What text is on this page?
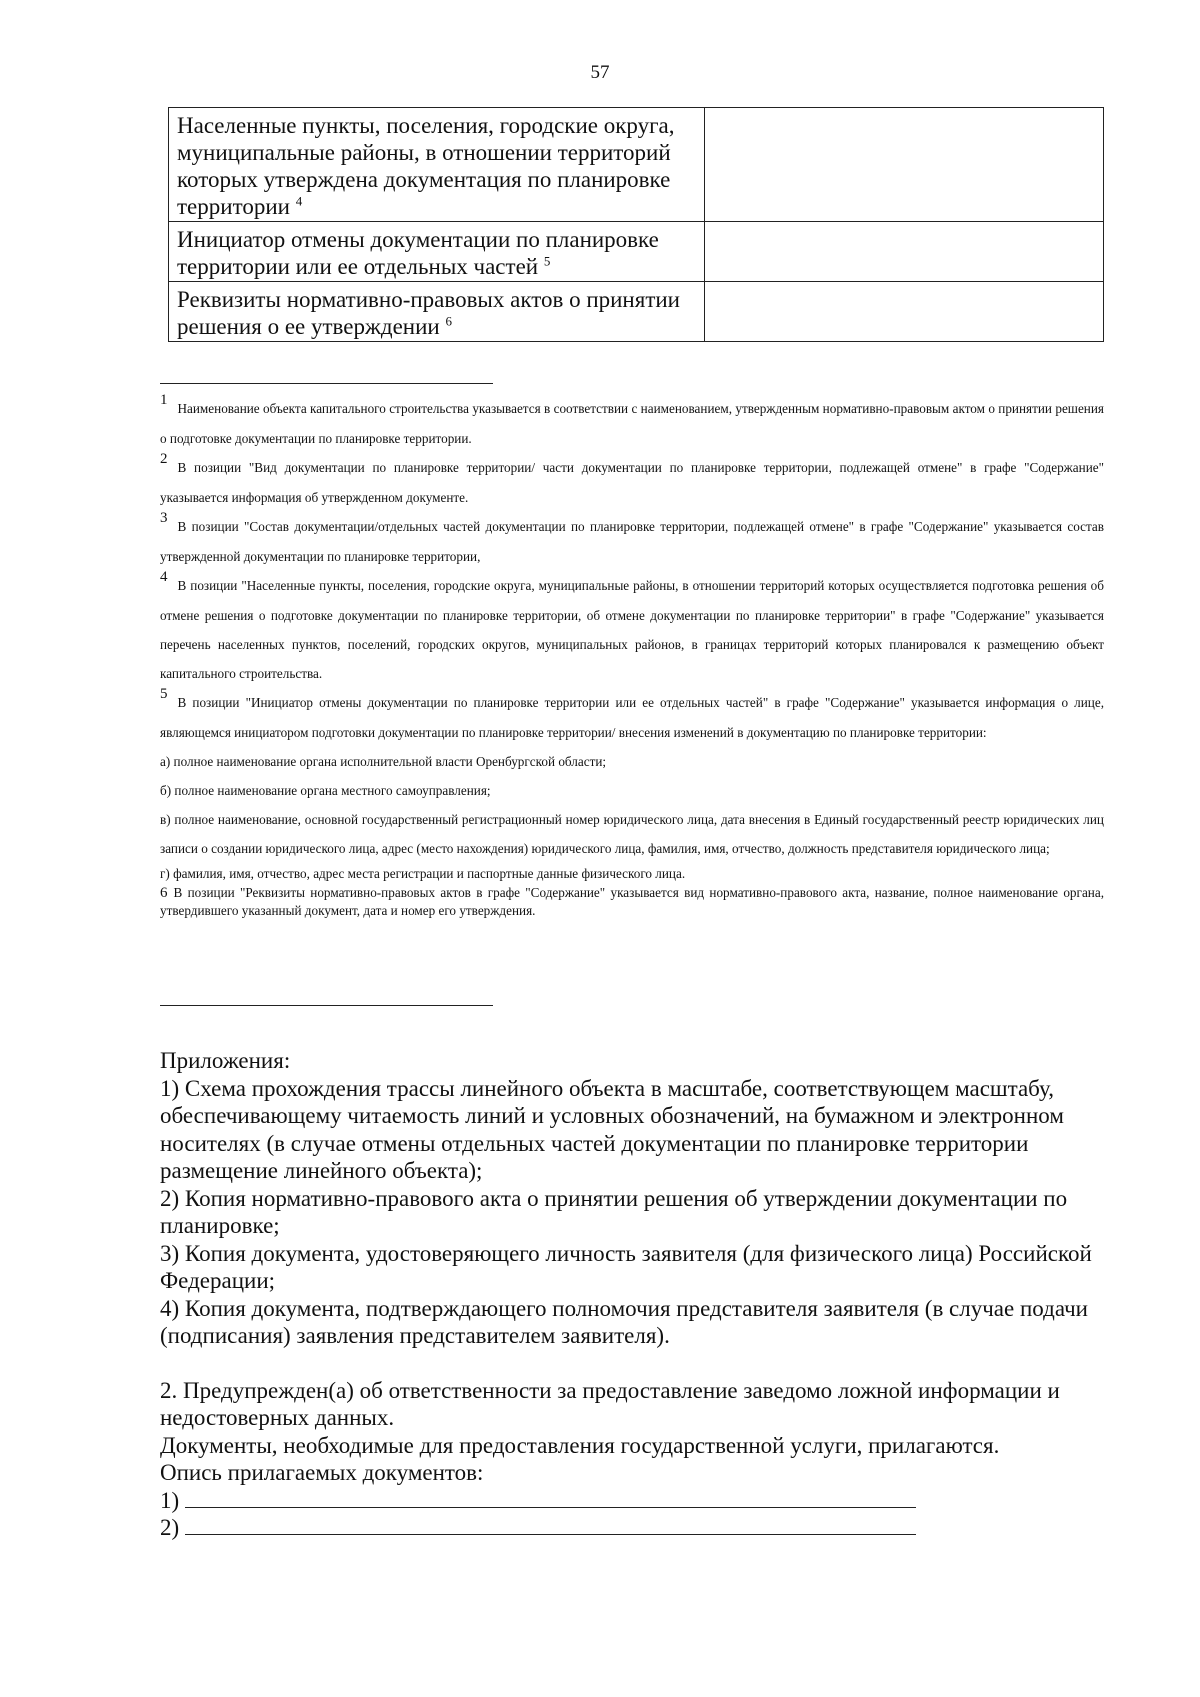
57
Населенные пункты, поселения, городские округа, муниципальные районы, в отношении территорий которых утверждена документация по планировке территории $^4$	
Инициатор отмены документации по планировке территории или ее отдельных частей $^5$	
Реквизиты нормативно-правовых актов о принятии решения о ее утверждении $^6$	

1Наименование объекта капитального строительства указывается в соответствии с наименованием, утвержденным нормативно-правовым актом о принятии решения о подготовке документации по планировке территории.

2В позиции "Вид документации по планировке территории/ части документации по планировке территории, подлежащей отмене" в графе "Содержание" указывается информация об утвержденном документе.

3В позиции "Состав документации/отдельных частей документации по планировке территории, подлежащей отмене" в графе "Содержание" указывается состав утвержденной документации по планировке территории,

4В позиции "Населенные пункты, поселения, городские округа, муниципальные районы, в отношении территорий которых осуществляется подготовка решения об отмене решения о подготовке документации по планировке территории, об отмене документации по планировке территории" в графе "Содержание" указывается перечень населенных пунктов, поселений, городских округов, муниципальных районов, в границах территорий которых планировался к размещению объект капитального строительства.

5В позиции "Инициатор отмены документации по планировке территории или ее отдельных частей" в графе "Содержание" указывается информация о лице, являющемся инициатором подготовки документации по планировке территории/ внесения изменений в документацию по планировке территории:

а) полное наименование органа исполнительной власти Оренбургской области;

б) полное наименование органа местного самоуправления;

в) полное наименование, основной государственный регистрационный номер юридического лица, дата внесения в Единый государственный реестр юридических лиц записи о создании юридического лица, адрес (место нахождения) юридического лица, фамилия, имя, отчество, должность представителя юридического лица;

г) фамилия, имя, отчество, адрес места регистрации и паспортные данные физического лица.

6 В позиции "Реквизиты нормативно-правовых актов в графе "Содержание" указывается вид нормативно-правового акта, название, полное наименование органа, утвердившего указанный документ, дата и номер его утверждения.

Приложения:

1) Схема прохождения трассы линейного объекта в масштабе, соответствующем масштабу, обеспечивающему читаемость линий и условных обозначений, на бумажном и электронном носителях (в случае отмены отдельных частей документации по планировке территории размещение линейного объекта);

2) Копия нормативно-правового акта о принятии решения об утверждении документации по планировке;

3) Копия документа, удостоверяющего личность заявителя (для физического лица) Российской Федерации;

4) Копия документа, подтверждающего полномочия представителя заявителя (в случае подачи (подписания) заявления представителем заявителя).

2. Предупрежден(а) об ответственности за предоставление заведомо ложной информации и недостоверных данных.

Документы, необходимые для предоставления государственной услуги, прилагаются.

Опись прилагаемых документов:

1)

2)
